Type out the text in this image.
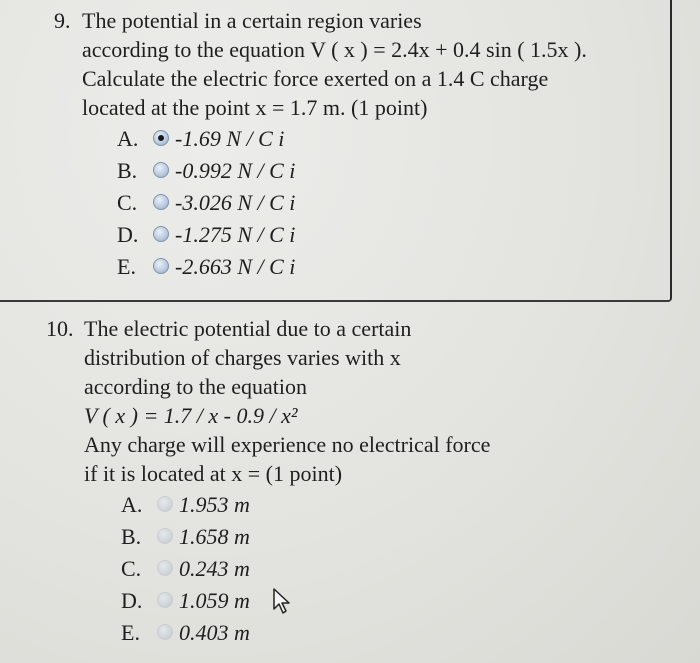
9. The potential in a certain region varies
according to the equation V ( x ) = 2.4x + 0.4 sin ( 1.5x ).
Calculate the electric force exerted on a 1.4 C charge
located at the point x = 1.7 m. (1 point)
A.	-1.69 N / C i
B.	-0.992 N / C i
C.	-3.026 N / C i
D.	-1.275 N / C i
E.	-2.663 N / C i
10. The electric potential due to a certain
distribution of charges varies with x
according to the equation
V ( x ) = 1.7 / x - 0.9 / x²
Any charge will experience no electrical force
if it is located at x = (1 point)
A.	1.953 m
B.	1.658 m
C.	0.243 m
D.	1.059 m
E.	0.403 m
